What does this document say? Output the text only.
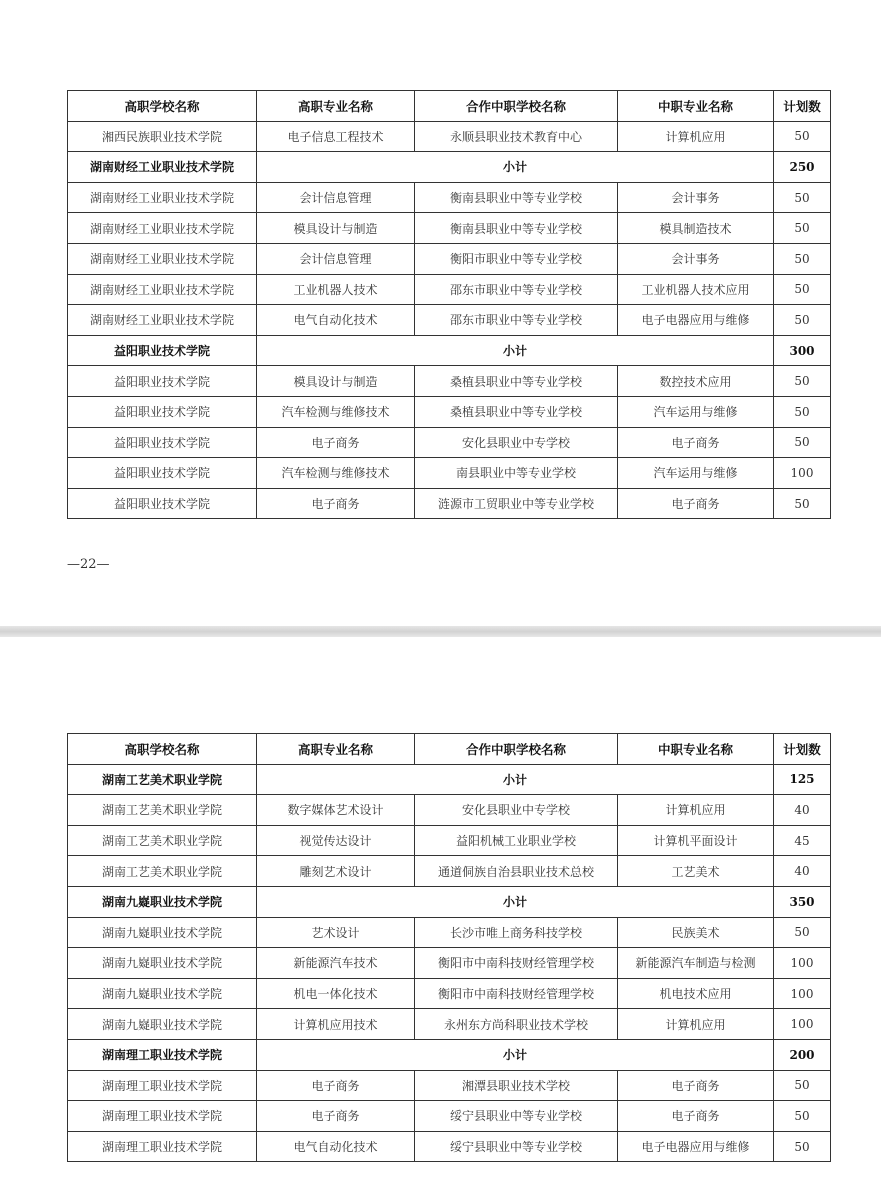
高职学校名称	高职专业名称	合作中职学校名称	中职专业名称	计划数
湘西民族职业技术学院	电子信息工程技术	永顺县职业技术教育中心	计算机应用	50
湖南财经工业职业技术学院	小计			250
湖南财经工业职业技术学院	会计信息管理	衡南县职业中等专业学校	会计事务	50
湖南财经工业职业技术学院	模具设计与制造	衡南县职业中等专业学校	模具制造技术	50
湖南财经工业职业技术学院	会计信息管理	衡阳市职业中等专业学校	会计事务	50
湖南财经工业职业技术学院	工业机器人技术	邵东市职业中等专业学校	工业机器人技术应用	50
湖南财经工业职业技术学院	电气自动化技术	邵东市职业中等专业学校	电子电器应用与维修	50
益阳职业技术学院	小计			300
益阳职业技术学院	模具设计与制造	桑植县职业中等专业学校	数控技术应用	50
益阳职业技术学院	汽车检测与维修技术	桑植县职业中等专业学校	汽车运用与维修	50
益阳职业技术学院	电子商务	安化县职业中专学校	电子商务	50
益阳职业技术学院	汽车检测与维修技术	南县职业中等专业学校	汽车运用与维修	100
益阳职业技术学院	电子商务	涟源市工贸职业中等专业学校	电子商务	50
—22—
高职学校名称	高职专业名称	合作中职学校名称	中职专业名称	计划数
湖南工艺美术职业学院	小计			125
湖南工艺美术职业学院	数字媒体艺术设计	安化县职业中专学校	计算机应用	40
湖南工艺美术职业学院	视觉传达设计	益阳机械工业职业学校	计算机平面设计	45
湖南工艺美术职业学院	雕刻艺术设计	通道侗族自治县职业技术总校	工艺美术	40
湖南九嶷职业技术学院	小计			350
湖南九嶷职业技术学院	艺术设计	长沙市唯上商务科技学校	民族美术	50
湖南九嶷职业技术学院	新能源汽车技术	衡阳市中南科技财经管理学校	新能源汽车制造与检测	100
湖南九嶷职业技术学院	机电一体化技术	衡阳市中南科技财经管理学校	机电技术应用	100
湖南九嶷职业技术学院	计算机应用技术	永州东方尚科职业技术学校	计算机应用	100
湖南理工职业技术学院	小计			200
湖南理工职业技术学院	电子商务	湘潭县职业技术学校	电子商务	50
湖南理工职业技术学院	电子商务	绥宁县职业中等专业学校	电子商务	50
湖南理工职业技术学院	电气自动化技术	绥宁县职业中等专业学校	电子电器应用与维修	50
